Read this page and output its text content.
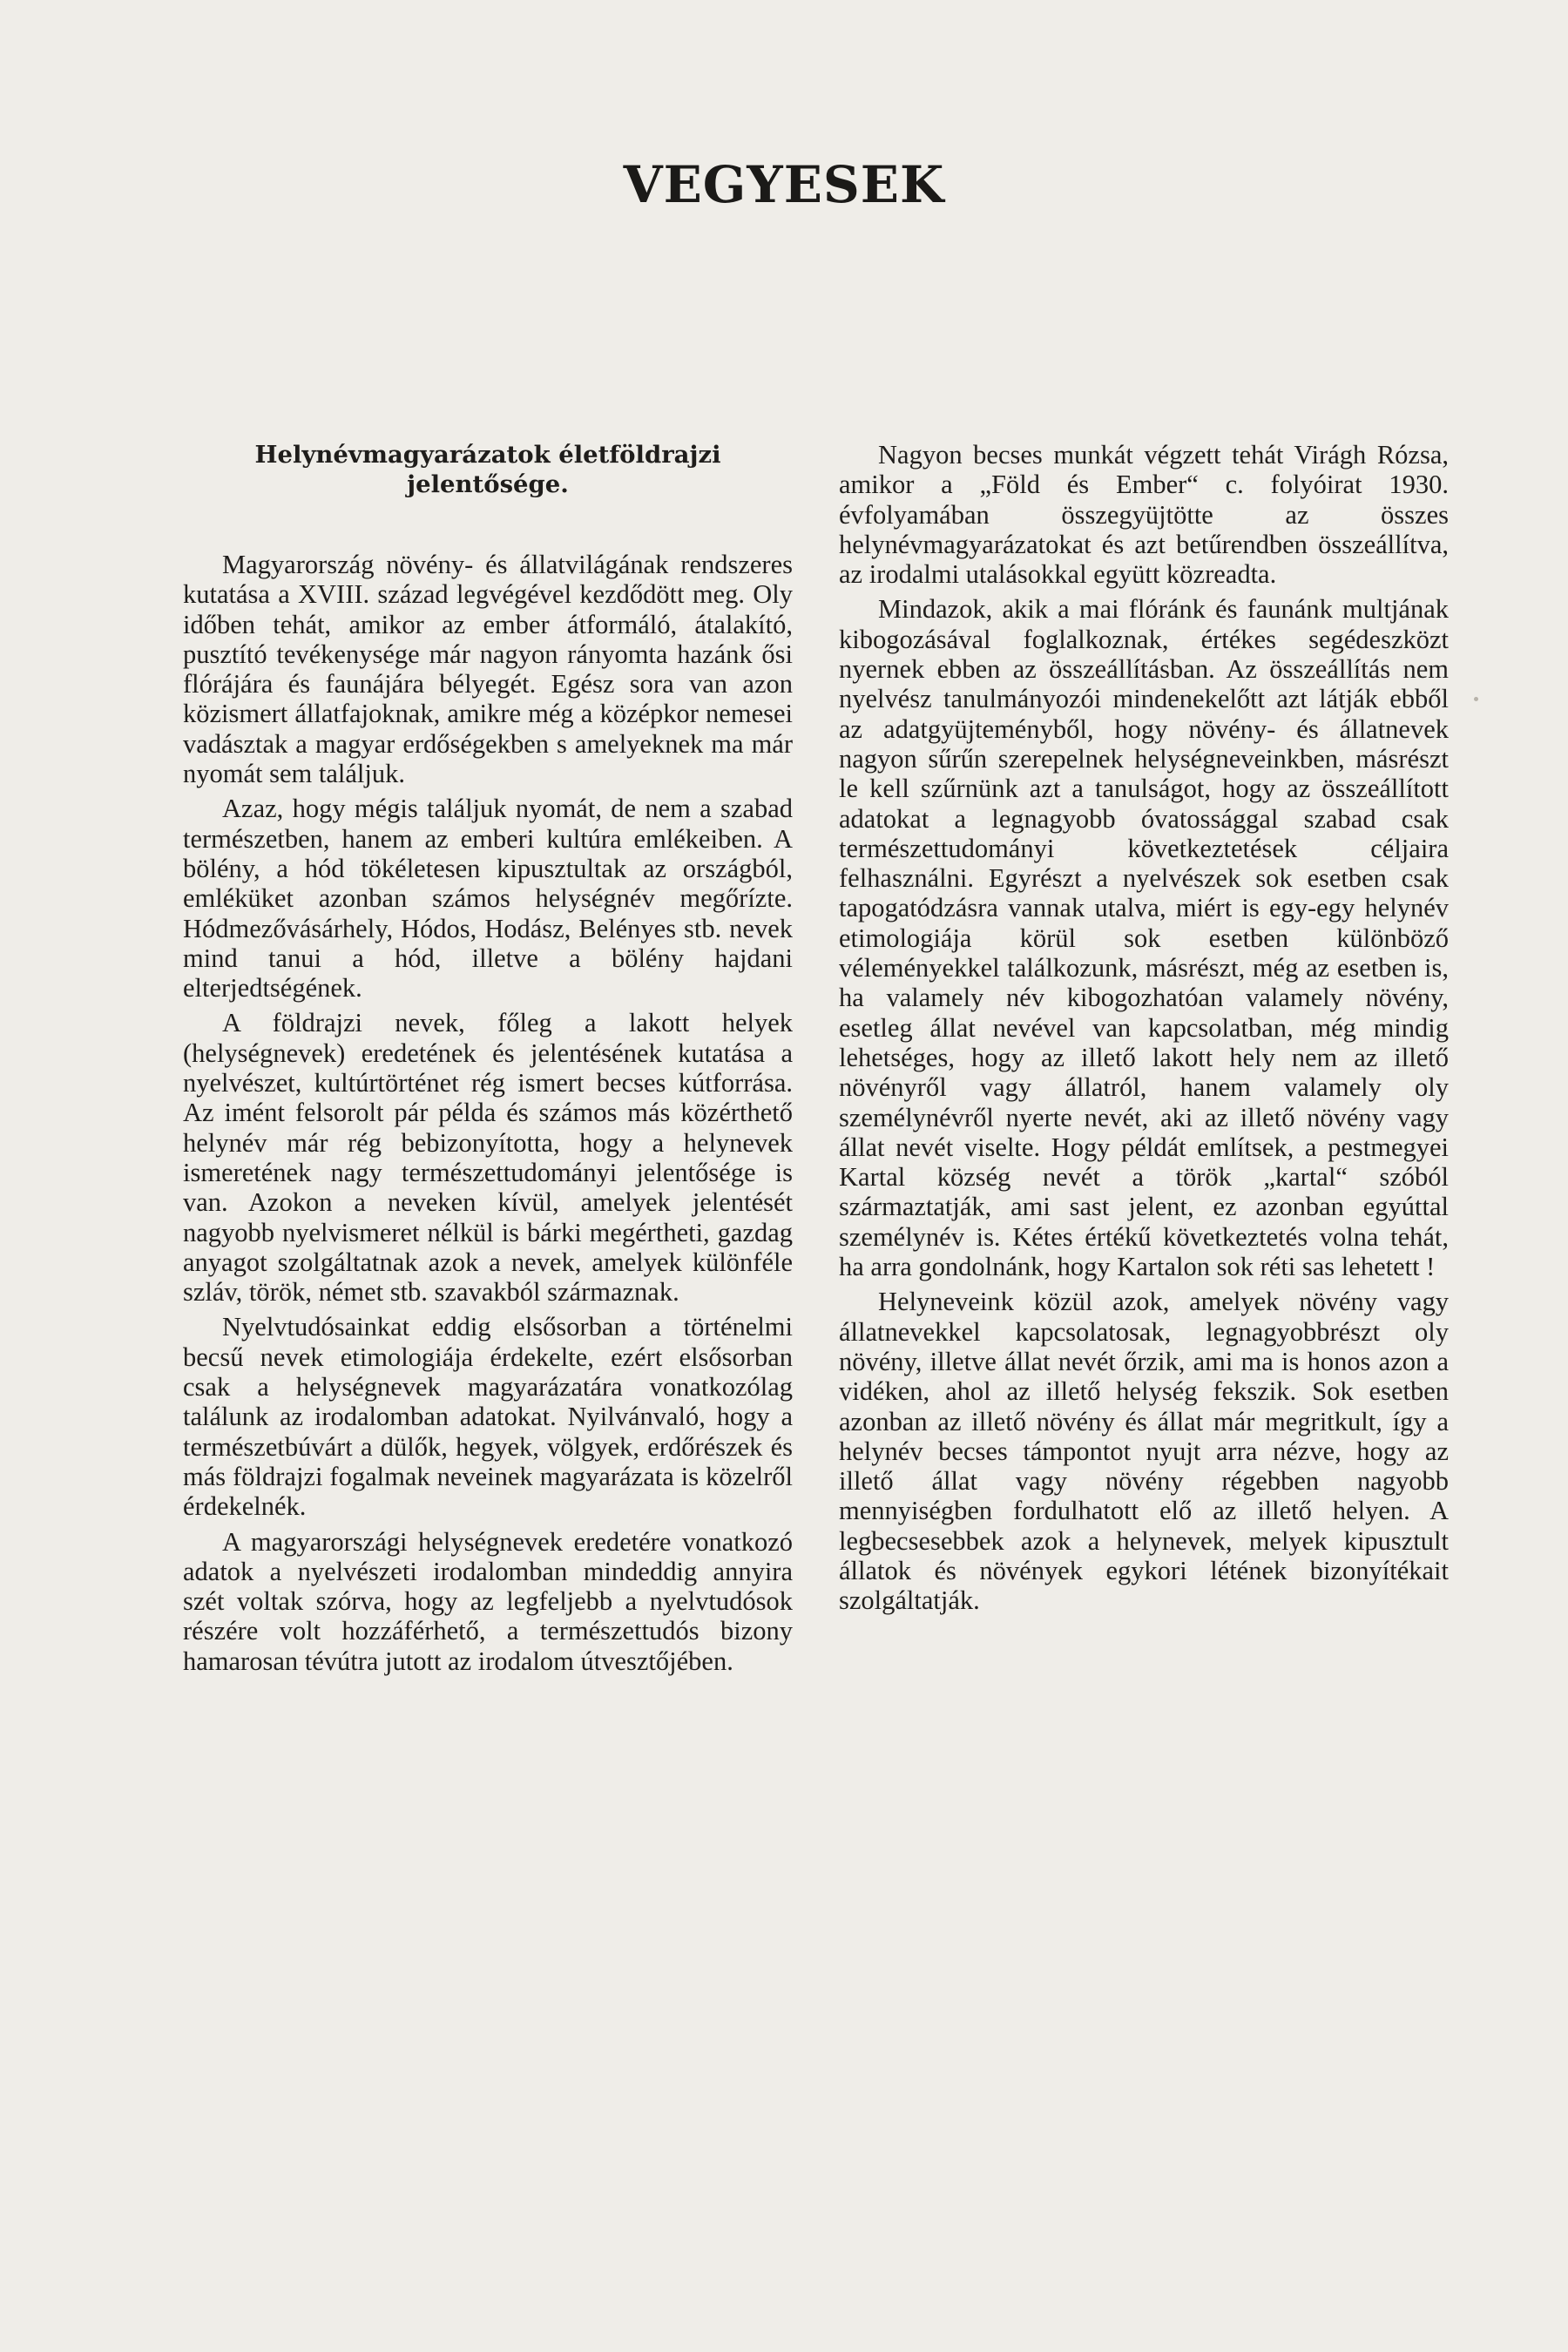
VEGYESEK
Helynévmagyarázatok életföldrajzi jelentősége.

Magyarország növény- és állatvilágának rendszeres kutatása a XVIII. század legvégével kezdődött meg. Oly időben tehát, amikor az ember átformáló, átalakító, pusztító tevékenysége már nagyon rányomta hazánk ősi flórájára és faunájára bélyegét. Egész sora van azon közismert állatfajoknak, amikre még a középkor nemesei vadásztak a magyar erdőségekben s amelyeknek ma már nyomát sem találjuk.

Azaz, hogy mégis találjuk nyomát, de nem a szabad természetben, hanem az emberi kultúra emlékeiben. A bölény, a hód tökéletesen kipusztultak az országból, emléküket azonban számos helységnév megőrízte. Hódmezővásárhely, Hódos, Hodász, Belényes stb. nevek mind tanui a hód, illetve a bölény hajdani elterjedtségének.

A földrajzi nevek, főleg a lakott helyek (helységnevek) eredetének és jelentésének kutatása a nyelvészet, kultúrtörténet rég ismert becses kútforrása. Az imént felsorolt pár példa és számos más közérthető helynév már rég bebizonyította, hogy a helynevek ismeretének nagy természettudományi jelentősége is van. Azokon a neveken kívül, amelyek jelentését nagyobb nyelvismeret nélkül is bárki megértheti, gazdag anyagot szolgáltatnak azok a nevek, amelyek különféle szláv, török, német stb. szavakból származnak.

Nyelvtudósainkat eddig elsősorban a történelmi becsű nevek etimologiája érdekelte, ezért elsősorban csak a helységnevek magyarázatára vonatkozólag találunk az irodalomban adatokat. Nyilvánvaló, hogy a természetbúvárt a dülők, hegyek, völgyek, erdőrészek és más földrajzi fogalmak neveinek magyarázata is közelről érdekelnék.

A magyarországi helységnevek eredetére vonatkozó adatok a nyelvészeti irodalomban mindeddig annyira szét voltak szórva, hogy az legfeljebb a nyelvtudósok részére volt hozzáférhető, a természettudós bizony hamarosan tévútra jutott az irodalom útvesztőjében.

Nagyon becses munkát végzett tehát Virágh Rózsa, amikor a „Föld és Ember“ c. folyóirat 1930. évfolyamában összegyüjtötte az összes helynévmagyarázatokat és azt betűrendben összeállítva, az irodalmi utalásokkal együtt közreadta.

Mindazok, akik a mai flóránk és faunánk multjának kibogozásával foglalkoznak, értékes segédeszközt nyernek ebben az összeállításban. Az összeállítás nem nyelvész tanulmányozói mindenekelőtt azt látják ebből az adatgyüjteményből, hogy növény- és állatnevek nagyon sűrűn szerepelnek helységneveinkben, másrészt le kell szűrnünk azt a tanulságot, hogy az összeállított adatokat a legnagyobb óvatossággal szabad csak természettudományi következtetések céljaira felhasználni. Egyrészt a nyelvészek sok esetben csak tapogatódzásra vannak utalva, miért is egy-egy helynév etimologiája körül sok esetben különböző véleményekkel találkozunk, másrészt, még az esetben is, ha valamely név kibogozhatóan valamely növény, esetleg állat nevével van kapcsolatban, még mindig lehetséges, hogy az illető lakott hely nem az illető növényről vagy állatról, hanem valamely oly személynévről nyerte nevét, aki az illető növény vagy állat nevét viselte. Hogy példát említsek, a pestmegyei Kartal község nevét a török „kartal“ szóból származtatják, ami sast jelent, ez azonban egyúttal személynév is. Kétes értékű következtetés volna tehát, ha arra gondolnánk, hogy Kartalon sok réti sas lehetett !

Helyneveink közül azok, amelyek növény vagy állatnevekkel kapcsolatosak, legnagyobbrészt oly növény, illetve állat nevét őrzik, ami ma is honos azon a vidéken, ahol az illető helység fekszik. Sok esetben azonban az illető növény és állat már megritkult, így a helynév becses támpontot nyujt arra nézve, hogy az illető állat vagy növény régebben nagyobb mennyiségben fordulhatott elő az illető helyen. A legbecsesebbek azok a helynevek, melyek kipusztult állatok és növények egykori létének bizonyítékait szolgáltatják.
